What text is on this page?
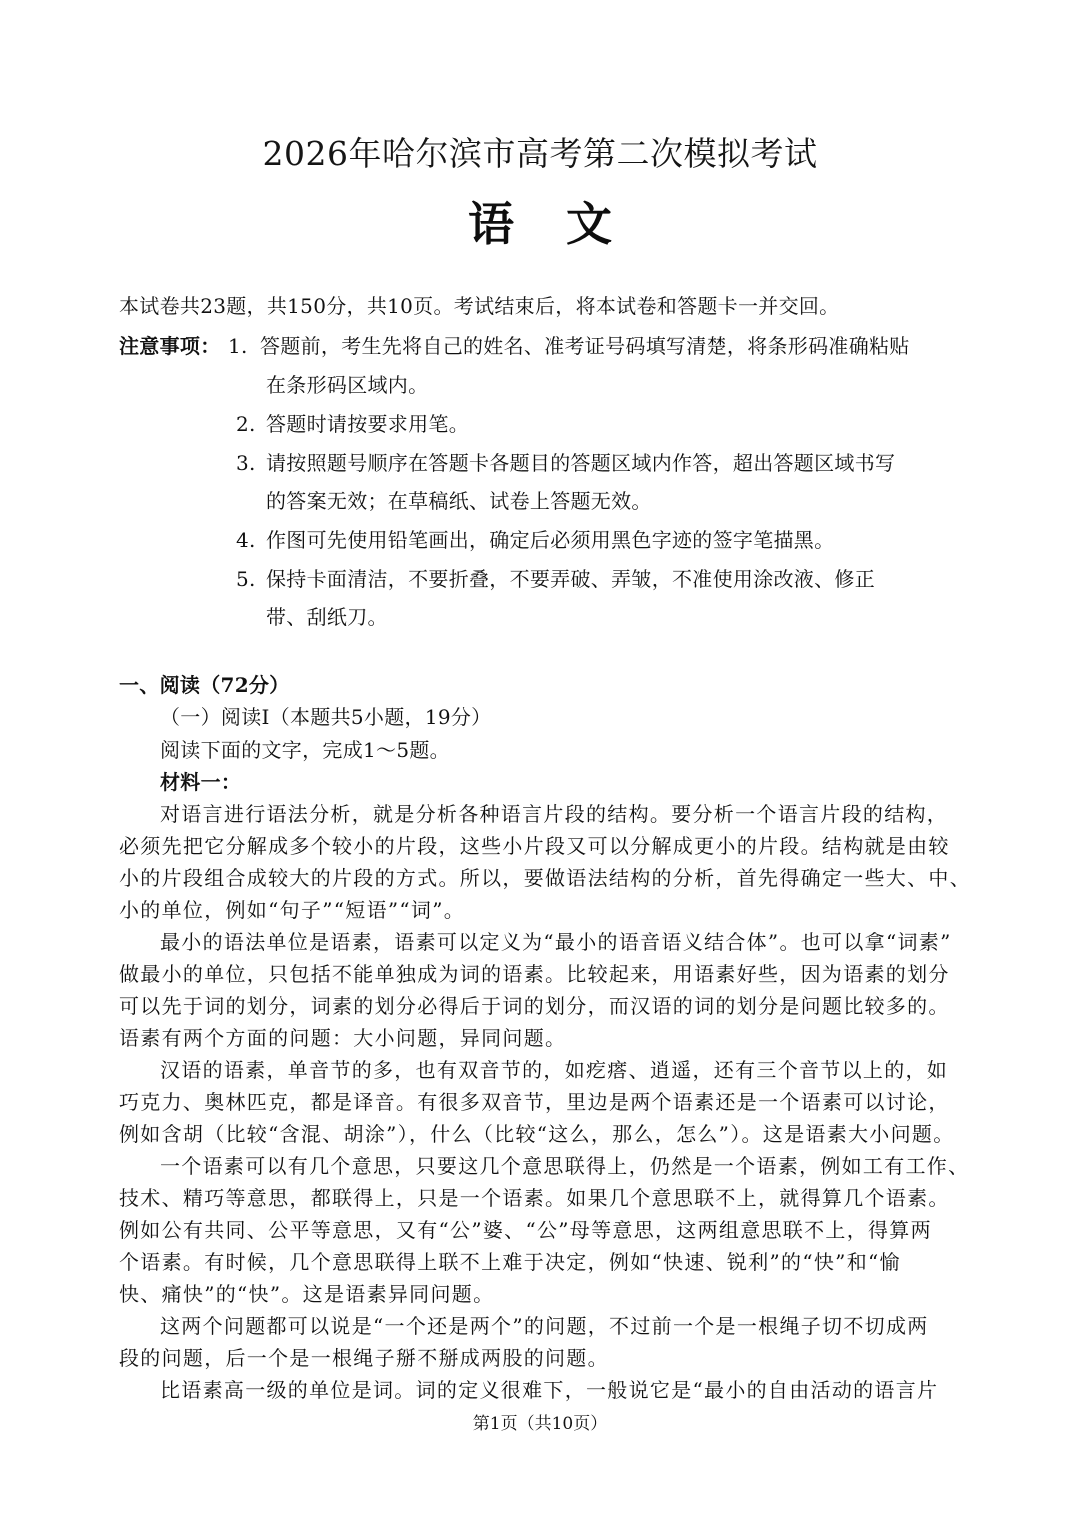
2026年哈尔滨市高考第二次模拟考试
语文
本试卷共23题，共150分，共10页。考试结束后，将本试卷和答题卡一并交回。
注意事项： 1. 答题前，考生先将自己的姓名、准考证号码填写清楚，将条形码准确粘贴
在条形码区域内。
2. 答题时请按要求用笔。
3. 请按照题号顺序在答题卡各题目的答题区域内作答，超出答题区域书写
的答案无效；在草稿纸、试卷上答题无效。
4. 作图可先使用铅笔画出，确定后必须用黑色字迹的签字笔描黑。
5. 保持卡面清洁，不要折叠，不要弄破、弄皱，不准使用涂改液、修正
带、刮纸刀。
一、阅读（72分）
（一）阅读Ⅰ（本题共5小题，19分）
阅读下面的文字，完成1～5题。
材料一：
对语言进行语法分析，就是分析各种语言片段的结构。要分析一个语言片段的结构，
必须先把它分解成多个较小的片段，这些小片段又可以分解成更小的片段。结构就是由较
小的片段组合成较大的片段的方式。所以，要做语法结构的分析，首先得确定一些大、中、
小的单位，例如“句子”“短语”“词”。
最小的语法单位是语素，语素可以定义为“最小的语音语义结合体”。也可以拿“词素”
做最小的单位，只包括不能单独成为词的语素。比较起来，用语素好些，因为语素的划分
可以先于词的划分，词素的划分必得后于词的划分，而汉语的词的划分是问题比较多的。
语素有两个方面的问题：大小问题，异同问题。
汉语的语素，单音节的多，也有双音节的，如疙瘩、逍遥，还有三个音节以上的，如
巧克力、奥林匹克，都是译音。有很多双音节，里边是两个语素还是一个语素可以讨论，
例如含胡（比较“含混、胡涂”），什么（比较“这么，那么，怎么”）。这是语素大小问题。
一个语素可以有几个意思，只要这几个意思联得上，仍然是一个语素，例如工有工作、
技术、精巧等意思，都联得上，只是一个语素。如果几个意思联不上，就得算几个语素。
例如公有共同、公平等意思，又有“公”婆、“公”母等意思，这两组意思联不上，得算两
个语素。有时候，几个意思联得上联不上难于决定，例如“快速、锐利”的“快”和“愉
快、痛快”的“快”。这是语素异同问题。
这两个问题都可以说是“一个还是两个”的问题，不过前一个是一根绳子切不切成两
段的问题，后一个是一根绳子掰不掰成两股的问题。
比语素高一级的单位是词。词的定义很难下，一般说它是“最小的自由活动的语言片
第1页（共10页）
